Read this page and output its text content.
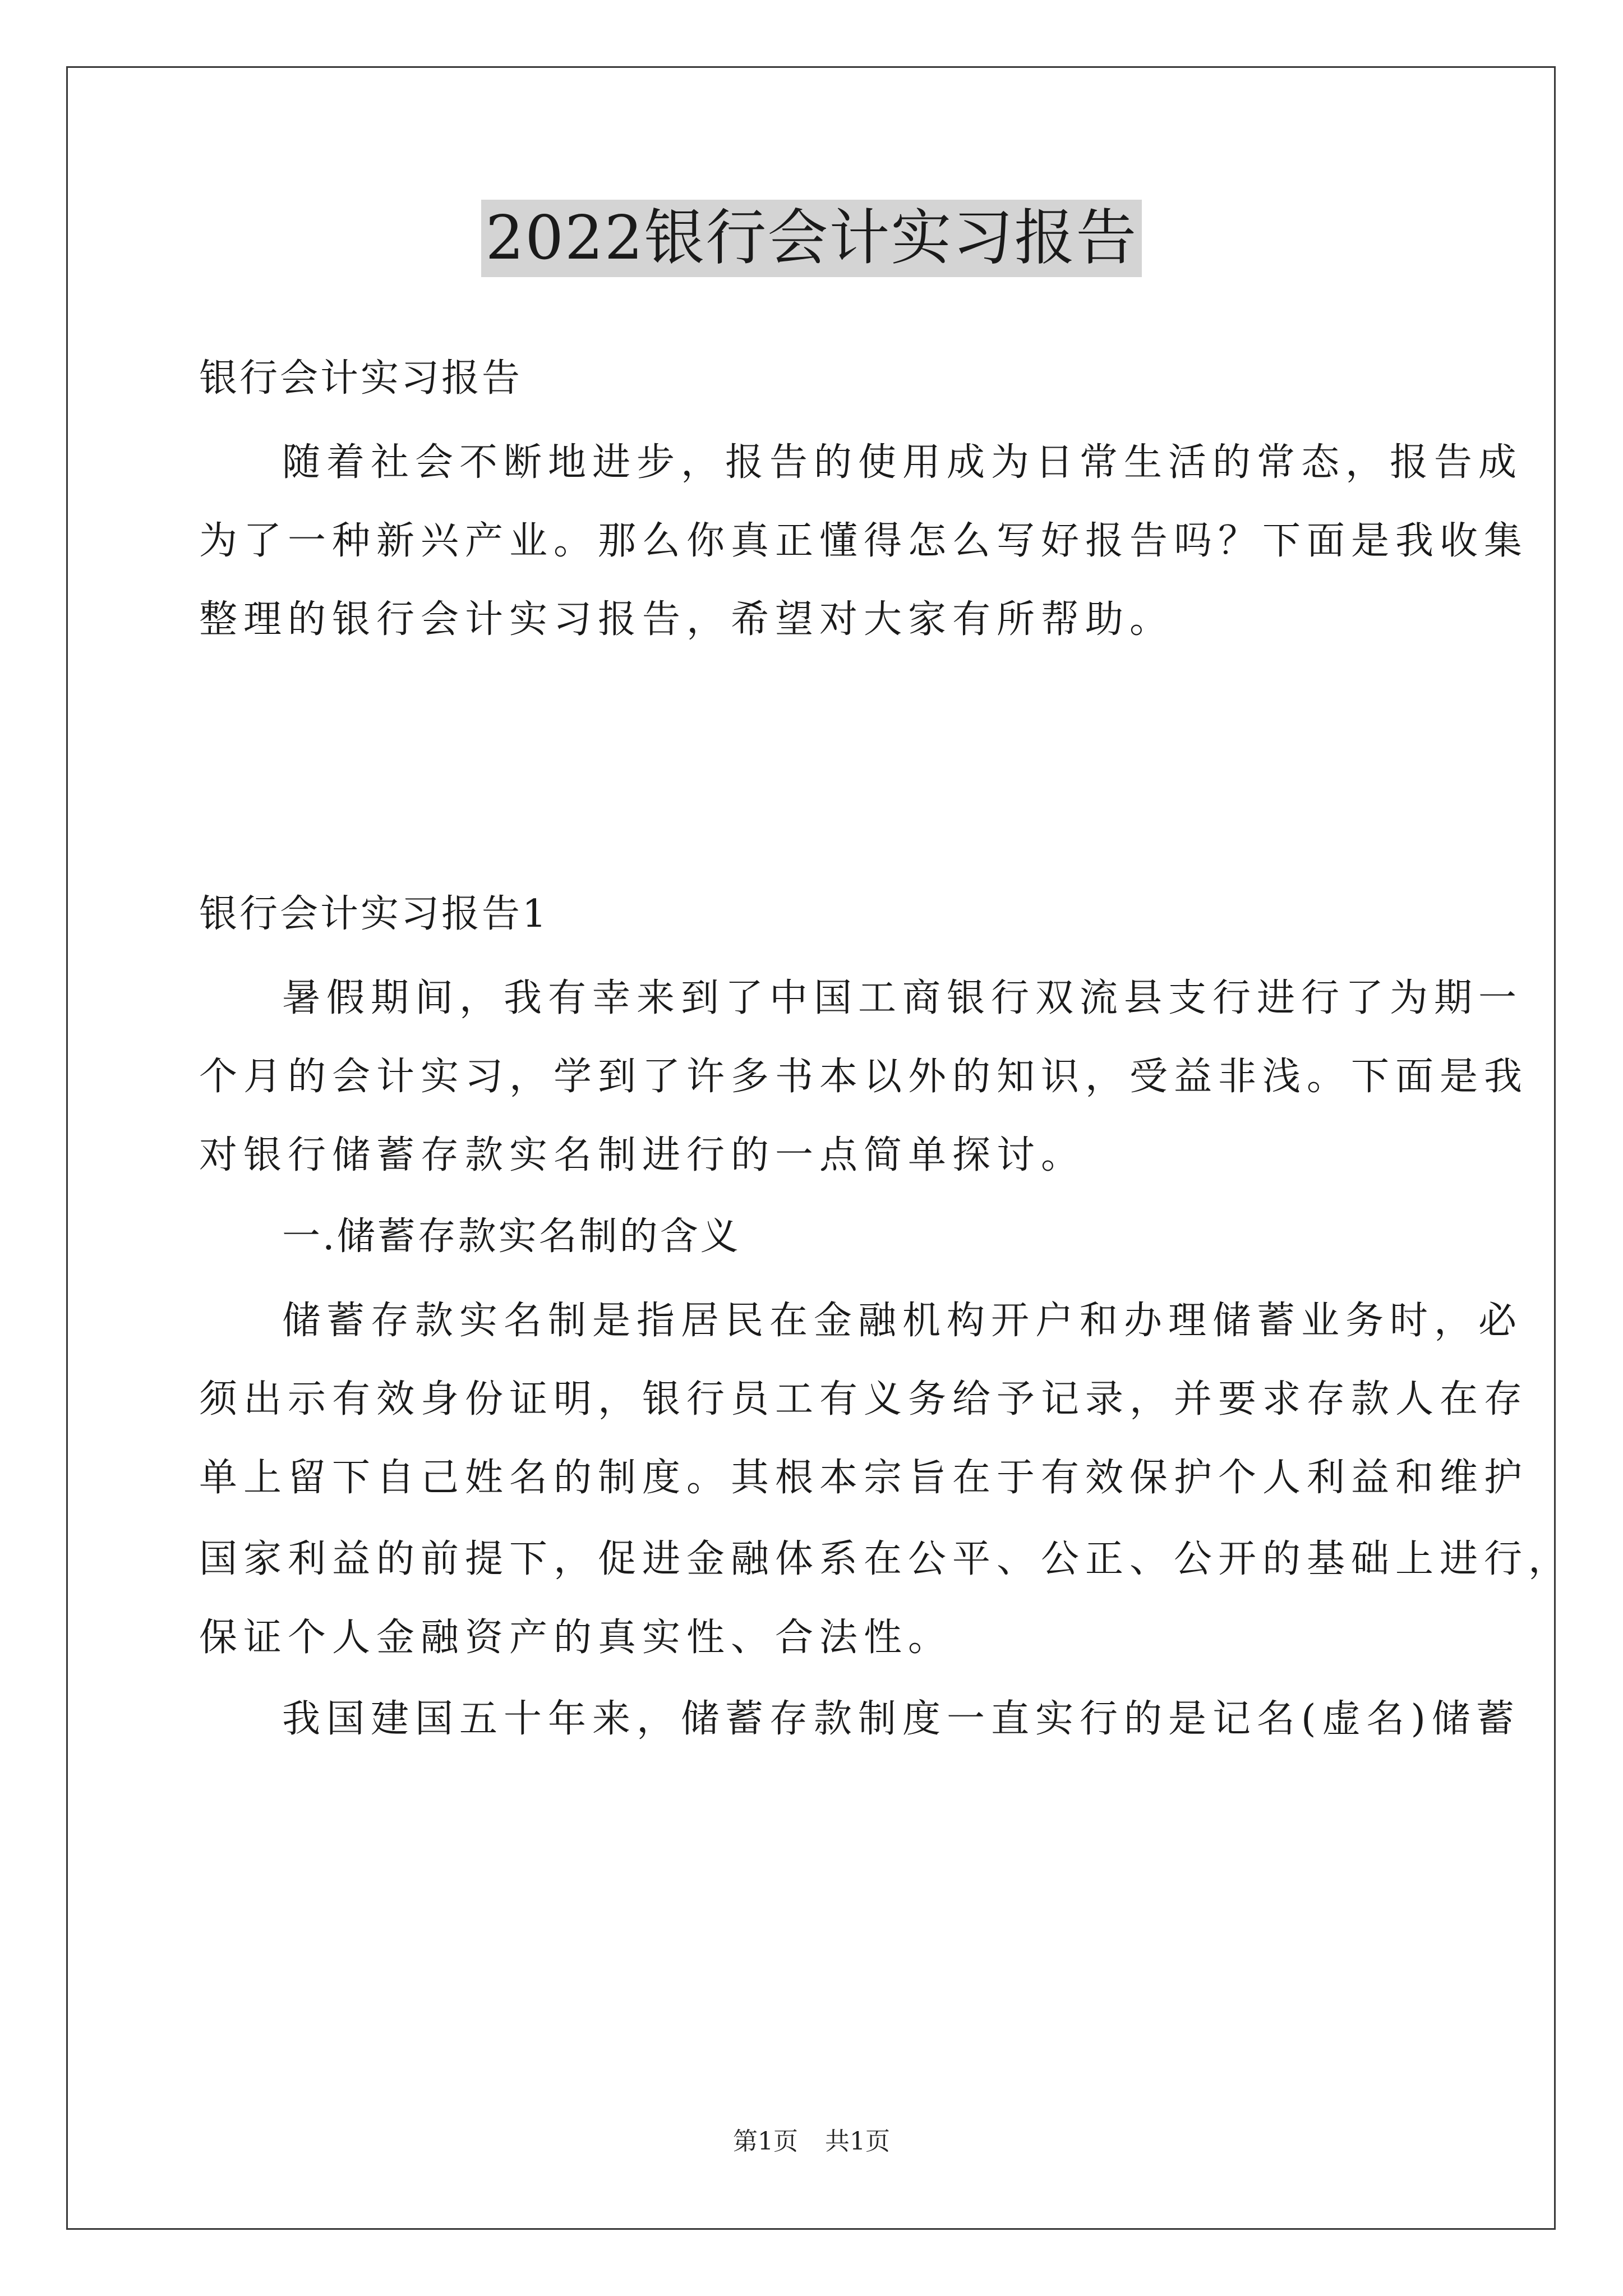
2022银行会计实习报告
银行会计实习报告
随着社会不断地进步，报告的使用成为日常生活的常态，报告成
为了一种新兴产业。那么你真正懂得怎么写好报告吗？下面是我收集
整理的银行会计实习报告，希望对大家有所帮助。
银行会计实习报告1
暑假期间，我有幸来到了中国工商银行双流县支行进行了为期一
个月的会计实习，学到了许多书本以外的知识，受益非浅。下面是我
对银行储蓄存款实名制进行的一点简单探讨。
一.储蓄存款实名制的含义
储蓄存款实名制是指居民在金融机构开户和办理储蓄业务时，必
须出示有效身份证明，银行员工有义务给予记录，并要求存款人在存
单上留下自己姓名的制度。其根本宗旨在于有效保护个人利益和维护
国家利益的前提下，促进金融体系在公平、公正、公开的基础上进行，
保证个人金融资产的真实性、合法性。
我国建国五十年来，储蓄存款制度一直实行的是记名(虚名)储蓄
第1页 共1页
